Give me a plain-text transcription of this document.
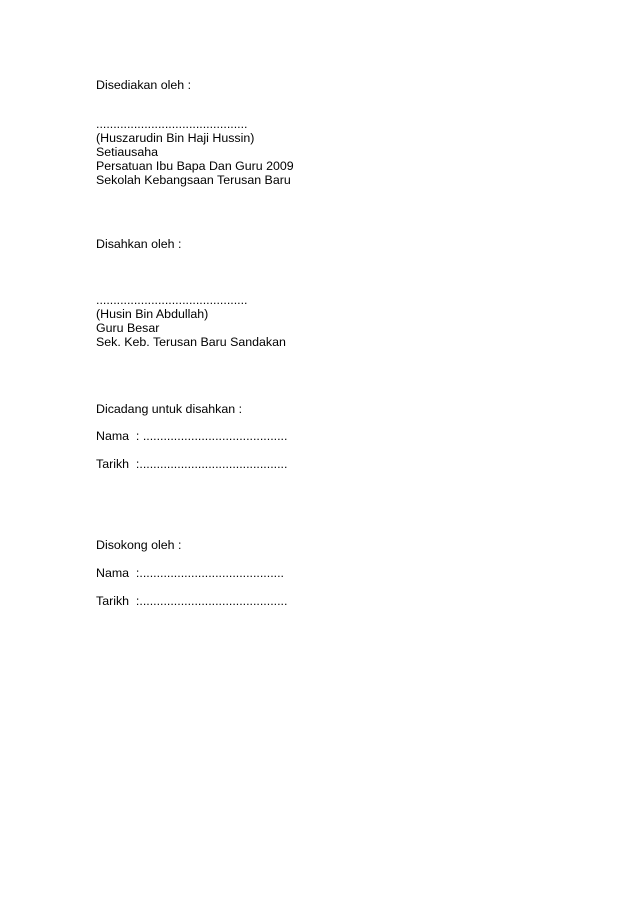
Disediakan oleh :

............................................

(Huszarudin Bin Haji Hussin)

Setiausaha

Persatuan Ibu Bapa Dan Guru 2009

Sekolah Kebangsaan Terusan Baru

Disahkan oleh :

............................................

(Husin Bin Abdullah)

Guru Besar

Sek. Keb. Terusan Baru Sandakan

Dicadang untuk disahkan :

Nama  : ..........................................

Tarikh  :...........................................

Disokong oleh :

Nama  :..........................................

Tarikh  :...........................................
